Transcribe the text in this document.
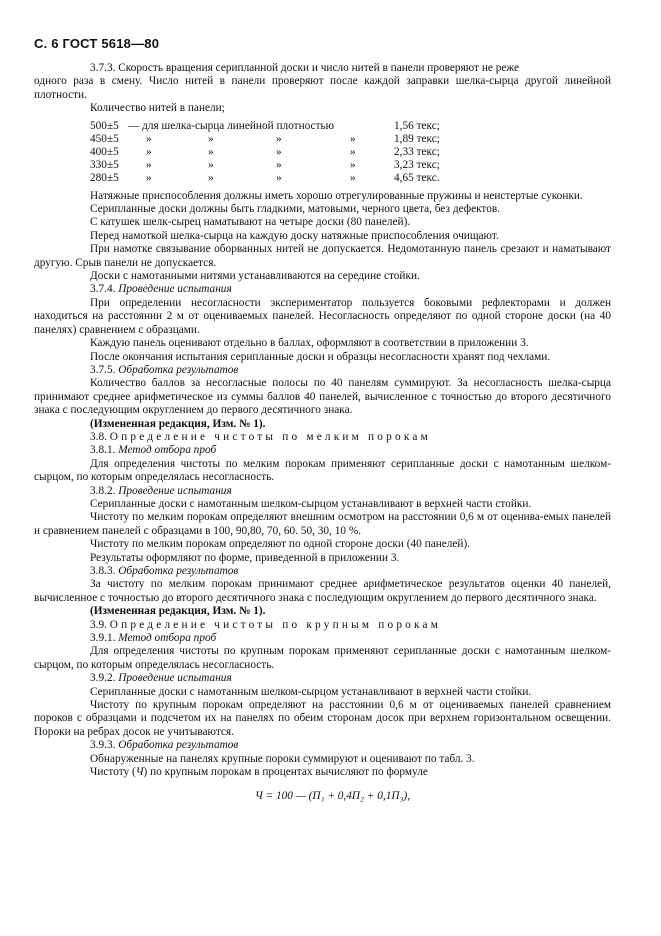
С. 6 ГОСТ 5618—80

3.7.3. Скорость вращения серипланной доски и число нитей в панели проверяют не реже

одного раза в смену. Число нитей в панели проверяют после каждой заправки шелка-сырца другой линейной плотности.

Количество нитей в панели;

500±5	— для шелка-сырца линейной плотностью				1,56 текс;
450±5	»	»	»	»	1,89 текс;
400±5	»	»	»	»	2,33 текс;
330±5	»	»	»	»	3,23 текс;
280±5	»	»	»	»	4,65 текс.

Натяжные приспособления должны иметь хорошо отрегулированные пружины и неистертые суконки.

Серипланные доски должны быть гладкими, матовыми, черного цвета, без дефектов.

С катушек шелк-сырец наматывают на четыре доски (80 панелей).

Перед намоткой шелка-сырца на каждую доску натяжные приспособления очищают.

При намотке связывание оборванных нитей не допускается. Недомотанную панель срезают и наматывают другую. Срыв панели не допускается.

Доски с намотанными нитями устанавливаются на середине стойки.

3.7.4. Проведение испытания

При определении несогласности экспериментатор пользуется боковыми рефлекторами и должен находиться на расстоянии 2 м от оцениваемых панелей. Несогласность определяют по одной стороне доски (на 40 панелях) сравнением с образцами.

Каждую панель оценивают отдельно в баллах, оформляют в соответствии в приложении 3.

После окончания испытания серипланные доски и образцы несогласности хранят под чехлами.

3.7.5. Обработка результатов

Количество баллов за несогласные полосы по 40 панелям суммируют. За несогласность шелка-сырца принимают среднее арифметическое из суммы баллов 40 панелей, вычисленное с точностью до второго десятичного знака с последующим округлением до первого десятичного знака.

(Измененная редакция, Изм. № 1).

3.8. Определение чистоты по мелким порокам

3.8.1. Метод отбора проб

Для определения чистоты по мелким порокам применяют серипланные доски с намотанным шелком-сырцом, по которым определялась несогласность.

3.8.2. Проведение испытания

Серипланные доски с намотанным шелком-сырцом устанавливают в верхней части стойки.

Чистоту по мелким порокам определяют внешним осмотром на расстоянии 0,6 м от оценива-емых панелей и сравнением панелей с образцами в 100, 90,80, 70, 60. 50, 30, 10 %.

Чистоту по мелким порокам определяют по одной стороне доски (40 панелей).

Результаты оформляют по форме, приведенной в приложении 3.

3.8.3. Обработка результатов

За чистоту по мелким порокам принимают среднее арифметическое результатов оценки 40 панелей, вычисленное с точностью до второго десятичного знака с последующим округлением до первого десятичного знака.

(Измененная редакция, Изм. № 1).

3.9. Определение чистоты по крупным порокам

3.9.1. Метод отбора проб

Для определения чистоты по крупным порокам применяют серипланные доски с намотанным шелком-сырцом, по которым определялась несогласность.

3.9.2. Проведение испытания

Серипланные доски с намотанным шелком-сырцом устанавливают в верхней части стойки.

Чистоту по крупным порокам определяют на расстоянии 0,6 м от оцениваемых панелей сравнением пороков с образцами и подсчетом их на панелях по обеим сторонам досок при верхнем горизонтальном освещении. Пороки на ребрах досок не учитываются.

3.9.3. Обработка результатов

Обнаруженные на панелях крупные пороки суммируют и оценивают по табл. 3.

Чистоту (Ч) по крупным порокам в процентах вычисляют по формуле

Ч = 100 — (П₁ + 0,4П₂ + 0,1П₃),
